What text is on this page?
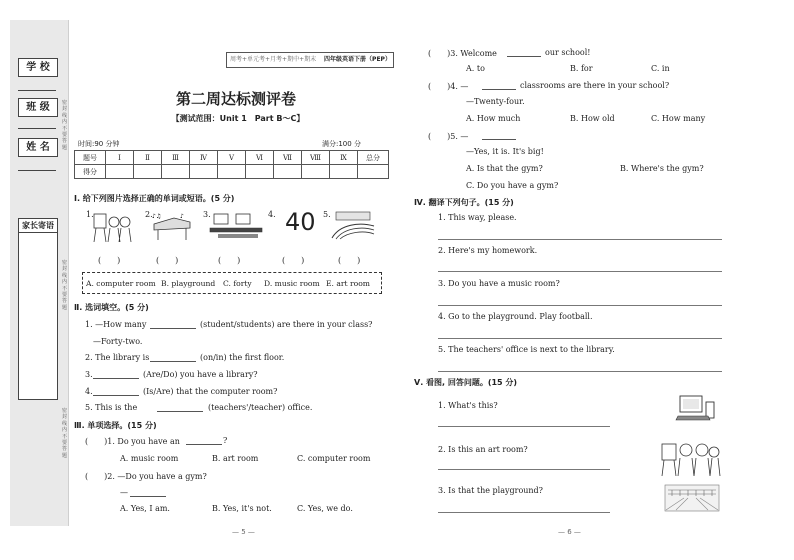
学 校
班 级
姓 名
密封线内不要答题
密封线内不要答题
密封线内不要答题
家长寄语
周考+单元考+月考+期中+期末 四年级英语下册（PEP）
第二周达标测评卷
【测试范围：Unit 1　Part B～C】
时间:90 分钟	满分:100 分
题号	Ⅰ	Ⅱ	Ⅲ	Ⅳ	Ⅴ	Ⅵ	Ⅶ	Ⅷ	Ⅸ	总分
得分										
Ⅰ. 给下列图片选择正确的单词或短语。(5 分)
1.	2.	3.	4.	5.
♪♫	♪	40
(　　)	(　　)	(　　)	(　　)	(　　)
A. computer room B. playground C. forty D. music room E. art room
Ⅱ. 选词填空。(5 分)
1. —How many	(student/students) are there in your class?
—Forty-two.
2. The library is	(on/in) the first floor.
3.	(Are/Do) you have a library?
4.	(Is/Are) that the computer room?
5. This is the	(teachers'/teacher) office.
Ⅲ. 单项选择。(15 分)
(　　)1. Do you have an	?
A. music room	B. art room	C. computer room
(　　)2. —Do you have a gym?
—
A. Yes, I am.	B. Yes, it's not.	C. Yes, we do.
— 5 —
(　　)3. Welcome	our school!
A. to	B. for	C. in
(　　)4. —	classrooms are there in your school?
—Twenty-four.
A. How much	B. How old	C. How many
(　　)5. —
—Yes, it is. It's big!
A. Is that the gym?	B. Where's the gym?
C. Do you have a gym?
Ⅳ. 翻译下列句子。(15 分)
1. This way, please.
2. Here's my homework.
3. Do you have a music room?
4. Go to the playground. Play football.
5. The teachers' office is next to the library.
Ⅴ. 看图, 回答问题。(15 分)
1. What's this?
2. Is this an art room?
3. Is that the playground?
— 6 —
